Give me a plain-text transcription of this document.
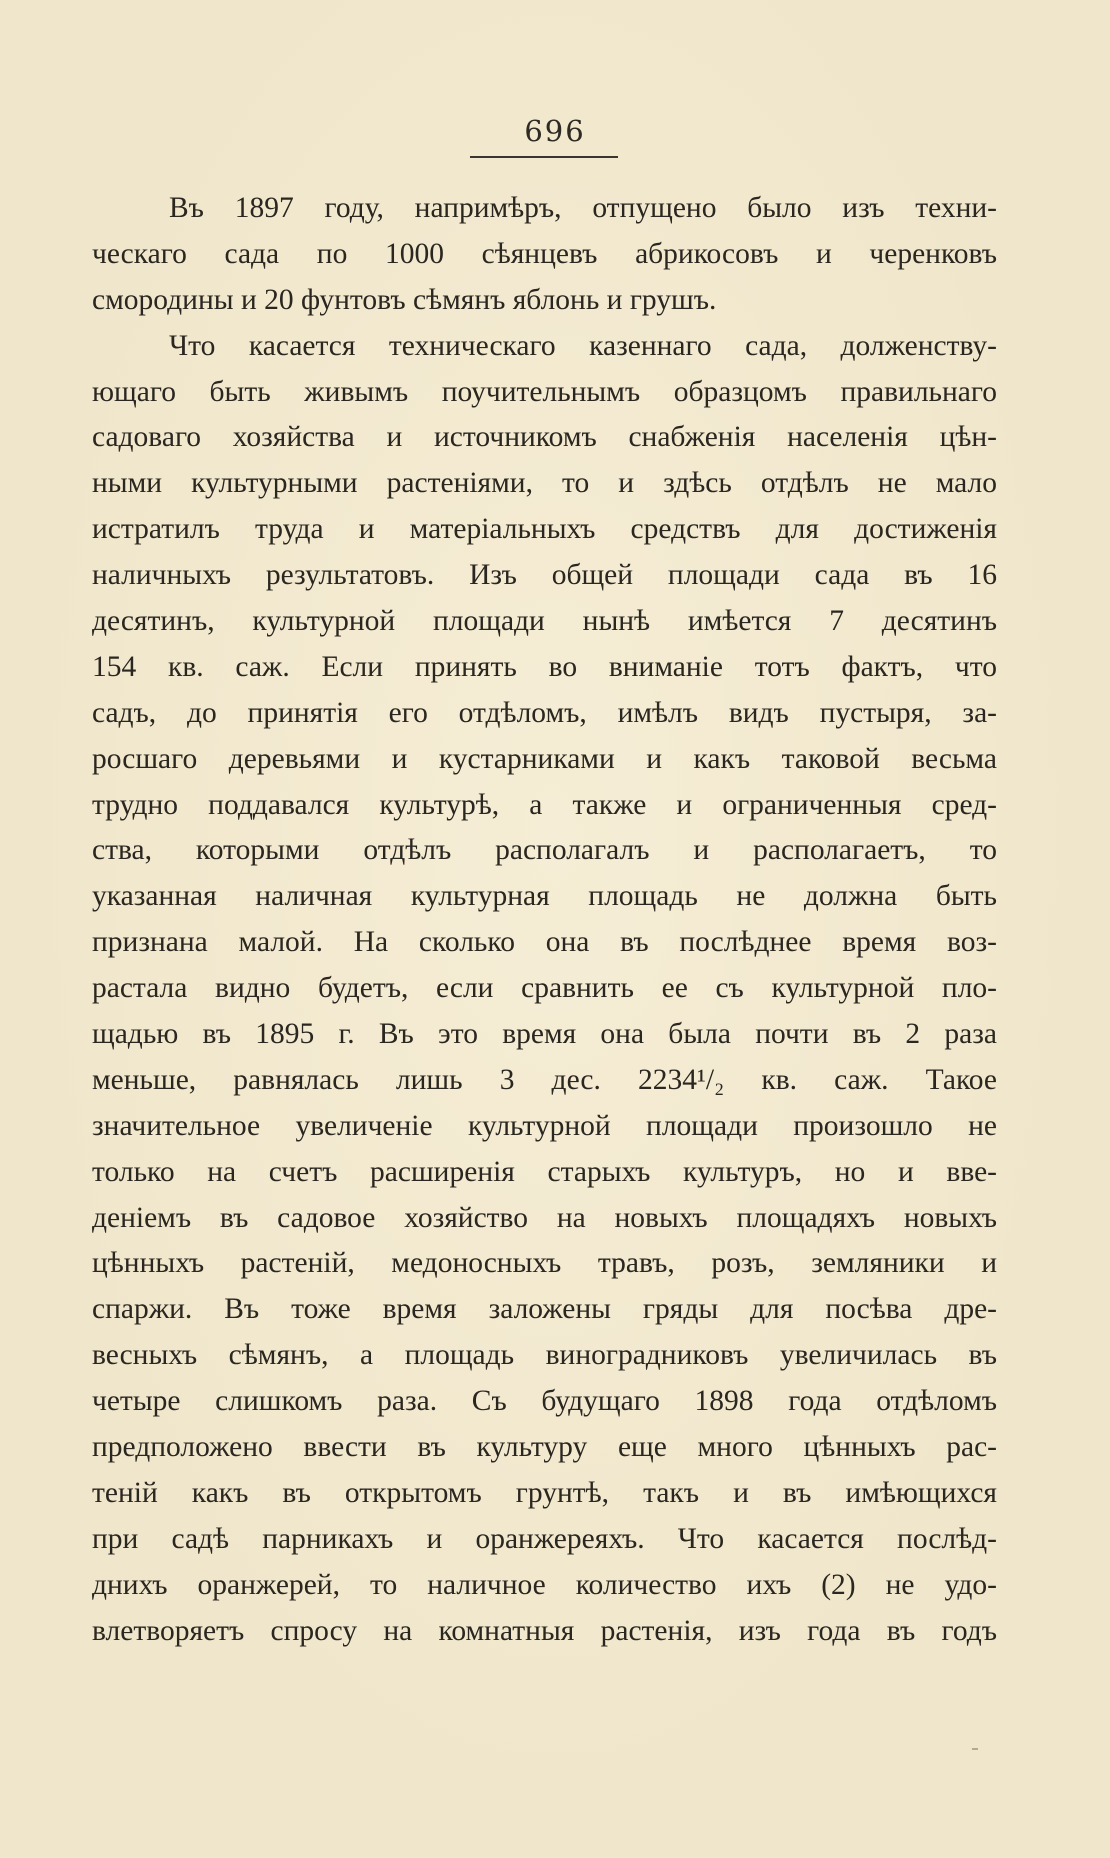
696
Въ 1897 году, напримѣръ, отпущено было изъ техни-
ческаго сада по 1000 сѣянцевъ абрикосовъ и черенковъ
смородины и 20 фунтовъ сѣмянъ яблонь и грушъ.
Что касается техническаго казеннаго сада, долженству-
ющаго быть живымъ поучительнымъ образцомъ правильнаго
садоваго хозяйства и источникомъ снабженія населенія цѣн-
ными культурными растеніями, то и здѣсь отдѣлъ не мало
истратилъ труда и матеріальныхъ средствъ для достиженія
наличныхъ результатовъ. Изъ общей площади сада въ 16
десятинъ, культурной площади нынѣ имѣется 7 десятинъ
154 кв. саж. Если принять во вниманіе тотъ фактъ, что
садъ, до принятія его отдѣломъ, имѣлъ видъ пустыря, за-
росшаго деревьями и кустарниками и какъ таковой весьма
трудно поддавался культурѣ, а также и ограниченныя сред-
ства, которыми отдѣлъ располагалъ и располагаетъ, то
указанная наличная культурная площадь не должна быть
признана малой. На сколько она въ послѣднее время воз-
растала видно будетъ, если сравнить ее съ культурной пло-
щадью въ 1895 г. Въ это время она была почти въ 2 раза
меньше, равнялась лишь 3 дес. 2234¹/₂ кв. саж. Такое
значительное увеличеніе культурной площади произошло не
только на счетъ расширенія старыхъ культуръ, но и вве-
деніемъ въ садовое хозяйство на новыхъ площадяхъ новыхъ
цѣнныхъ растеній, медоносныхъ травъ, розъ, земляники и
спаржи. Въ тоже время заложены гряды для посѣва дре-
весныхъ сѣмянъ, а площадь виноградниковъ увеличилась въ
четыре слишкомъ раза. Съ будущаго 1898 года отдѣломъ
предположено ввести въ культуру еще много цѣнныхъ рас-
теній какъ въ открытомъ грунтѣ, такъ и въ имѣющихся
при садѣ парникахъ и оранжереяхъ. Что касается послѣд-
днихъ оранжерей, то наличное количество ихъ (2) не удо-
влетворяетъ спросу на комнатныя растенія, изъ года въ годъ
